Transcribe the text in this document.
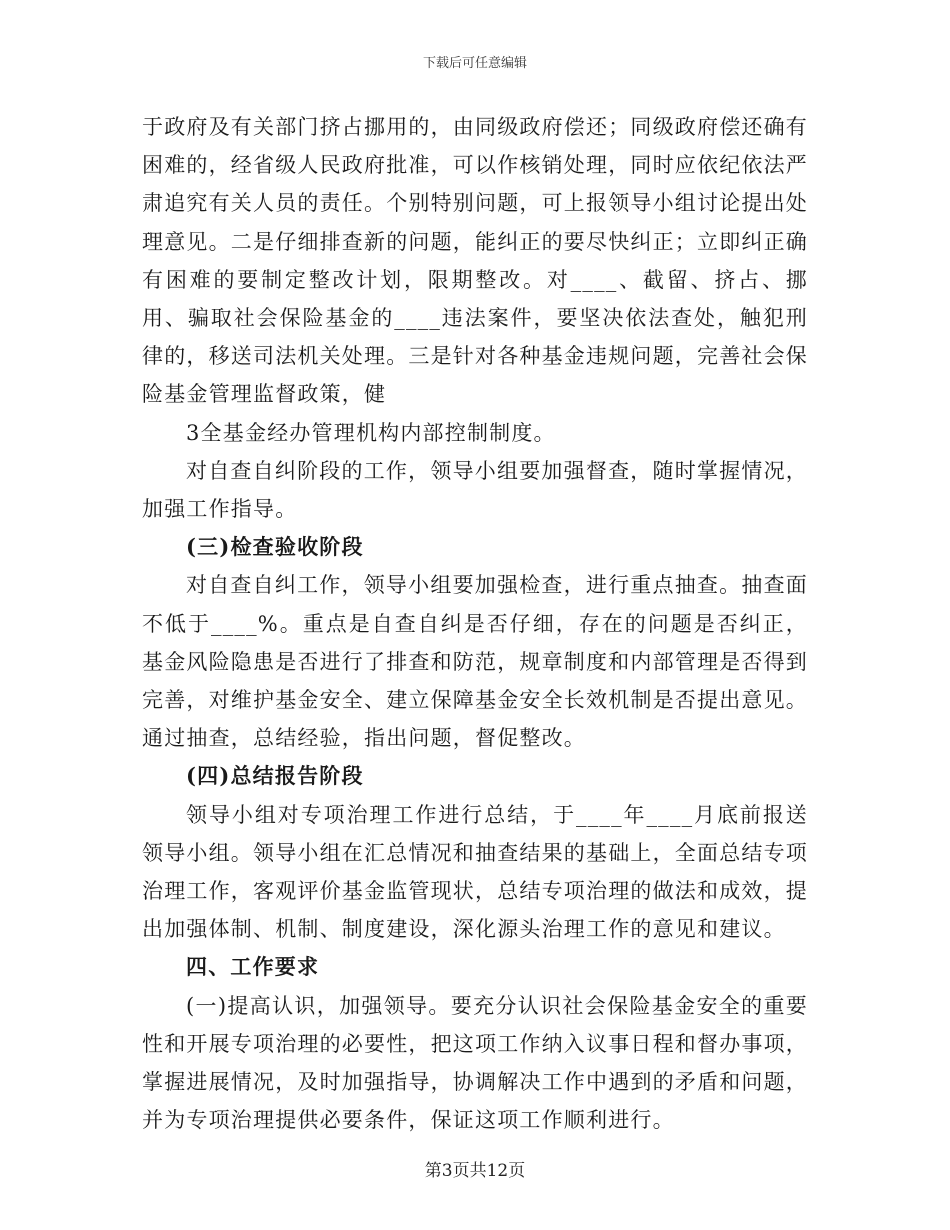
下载后可任意编辑

于政府及有关部门挤占挪用的，由同级政府偿还；同级政府偿还确有困难的，经省级人民政府批准，可以作核销处理，同时应依纪依法严肃追究有关人员的责任。个别特别问题，可上报领导小组讨论提出处理意见。二是仔细排查新的问题，能纠正的要尽快纠正；立即纠正确有困难的要制定整改计划，限期整改。对____、截留、挤占、挪用、骗取社会保险基金的____违法案件，要坚决依法查处，触犯刑律的，移送司法机关处理。三是针对各种基金违规问题，完善社会保险基金管理监督政策，健

3全基金经办管理机构内部控制制度。

对自查自纠阶段的工作，领导小组要加强督查，随时掌握情况，加强工作指导。

(三)检查验收阶段

对自查自纠工作，领导小组要加强检查，进行重点抽查。抽查面不低于____%。重点是自查自纠是否仔细，存在的问题是否纠正，基金风险隐患是否进行了排查和防范，规章制度和内部管理是否得到完善，对维护基金安全、建立保障基金安全长效机制是否提出意见。通过抽查，总结经验，指出问题，督促整改。

(四)总结报告阶段

领导小组对专项治理工作进行总结，于____年____月底前报送领导小组。领导小组在汇总情况和抽查结果的基础上，全面总结专项治理工作，客观评价基金监管现状，总结专项治理的做法和成效，提出加强体制、机制、制度建设，深化源头治理工作的意见和建议。

四、工作要求

(一)提高认识，加强领导。要充分认识社会保险基金安全的重要性和开展专项治理的必要性，把这项工作纳入议事日程和督办事项，掌握进展情况，及时加强指导，协调解决工作中遇到的矛盾和问题，并为专项治理提供必要条件，保证这项工作顺利进行。

第3页共12页
